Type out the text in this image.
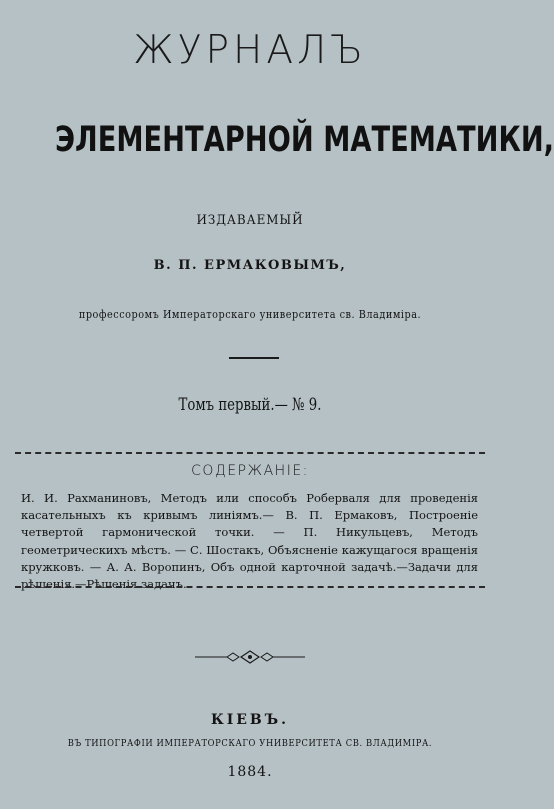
ЖУРНАЛЪ
ЭЛЕМЕНТАРНОЙ МАТЕМАТИКИ,
ИЗДАВАЕМЫЙ
В. П. ЕРМАКОВЫМЪ,
профессоромъ Императорскаго университета св. Владиміра.
Томъ первый.— № 9.
СОДЕРЖАНІЕ:
И. И. Рахманиновъ, Методъ или способъ Роберваля для проведенія касательныхъ къ кривымъ линіямъ.— В. П. Ермаковъ, Построеніе четвертой гармонической точки. — П. Никульцевъ, Методъ геометрическихъ мѣстъ. — С. Шостакъ, Объясненіе кажущагося вращенія кружковъ. — А. А. Воропинъ, Объ одной карточной задачѣ.—Задачи для рѣшенія.—Рѣшенія задачъ.
КІЕВЪ.
ВЪ ТИПОГРАФІИ ИМПЕРАТОРСКАГО УНИВЕРСИТЕТА СВ. ВЛАДИМІРА.
1884.
